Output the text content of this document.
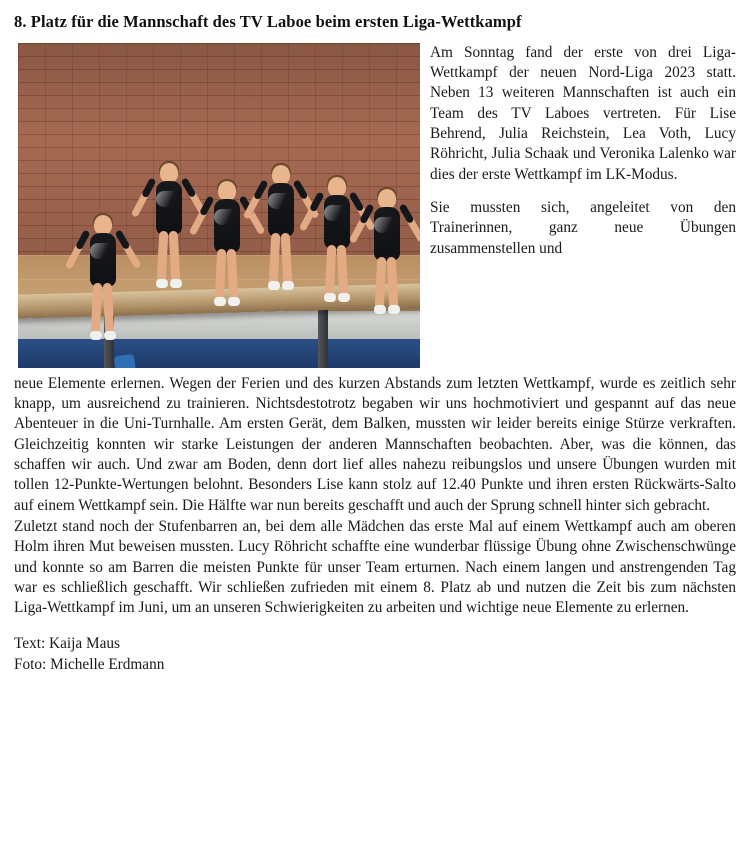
8. Platz für die Mannschaft des TV Laboe beim ersten Liga-Wettkampf

Am Sonntag fand der erste von drei Liga-Wettkampf der neuen Nord-Liga 2023 statt. Neben 13 weiteren Mannschaften ist auch ein Team des TV Laboes vertreten. Für Lise Behrend, Julia Reichstein, Lea Voth, Lucy Röhricht, Julia Schaak und Veronika Lalenko war dies der erste Wettkampf im LK-Modus.

Sie mussten sich, angeleitet von den Trainerinnen, ganz neue Übungen zusammenstellen und

neue Elemente erlernen. Wegen der Ferien und des kurzen Abstands zum letzten Wettkampf, wurde es zeitlich sehr knapp, um ausreichend zu trainieren. Nichtsdestotrotz begaben wir uns hochmotiviert und gespannt auf das neue Abenteuer in die Uni-Turnhalle. Am ersten Gerät, dem Balken, mussten wir leider bereits einige Stürze verkraften. Gleichzeitig konnten wir starke Leistungen der anderen Mannschaften beobachten. Aber, was die können, das schaffen wir auch. Und zwar am Boden, denn dort lief alles nahezu reibungslos und unsere Übungen wurden mit tollen 12-Punkte-Wertungen belohnt. Besonders Lise kann stolz auf 12.40 Punkte und ihren ersten Rückwärts-Salto auf einem Wettkampf sein. Die Hälfte war nun bereits geschafft und auch der Sprung schnell hinter sich gebracht.

Zuletzt stand noch der Stufenbarren an, bei dem alle Mädchen das erste Mal auf einem Wettkampf auch am oberen Holm ihren Mut beweisen mussten. Lucy Röhricht schaffte eine wunderbar flüssige Übung ohne Zwischenschwünge und konnte so am Barren die meisten Punkte für unser Team erturnen. Nach einem langen und anstrengenden Tag war es schließlich geschafft. Wir schließen zufrieden mit einem 8. Platz ab und nutzen die Zeit bis zum nächsten Liga-Wettkampf im Juni, um an unseren Schwierigkeiten zu arbeiten und wichtige neue Elemente zu erlernen.

Text: Kaija Maus
Foto: Michelle Erdmann
